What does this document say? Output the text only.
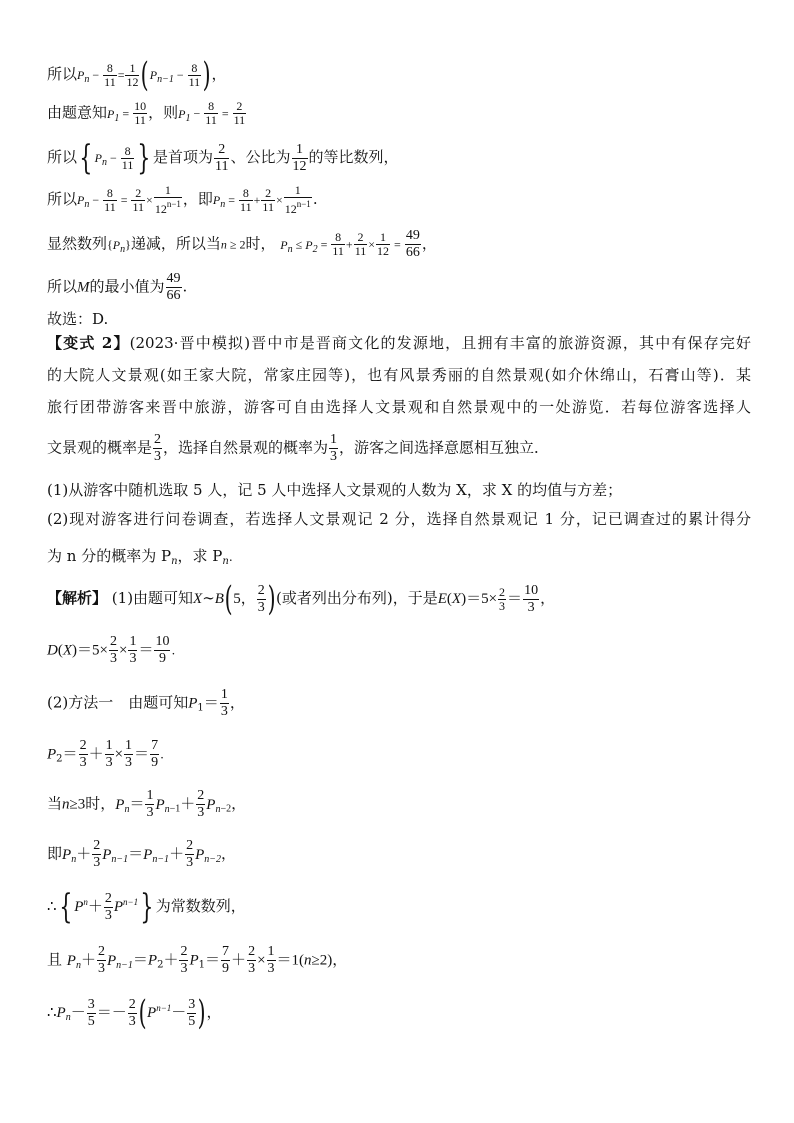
所以$P_n - \frac{8}{11} = \frac{1}{12} (P_{n-1} - \frac{8}{11}$ )，
由题意知$P_1 = \frac{10}{11}$ ，则$P_1 - \frac{8}{11} = \frac{2}{11}$
所以{ $P_n - \frac{8}{11}$ } 是首项为 $\frac{2}{11}$ 、公比为 $\frac{1}{12}$ 的等比数列，
所以$P_n - \frac{8}{11} = \frac{2}{11} \times \frac{1}{12^{n-1}}$ ，即$P_n = \frac{8}{11} + \frac{2}{11} \times \frac{1}{12^{n-1}}$ .
显然数列$\{P_n\}$递减，所以当n ≥ 2时， $P_n \le P_2 = \frac{8}{11} + \frac{2}{11} \times \frac{1}{12} = \frac{49}{66}$ ，
所以M的最小值为 $\frac{49}{66}$ .
故选：D.
【变式 2】(2023·晋中模拟)晋中市是晋商文化的发源地，且拥有丰富的旅游资源，其中有保存完好
的大院人文景观(如王家大院，常家庄园等)，也有风景秀丽的自然景观(如介休绵山，石膏山等)．某
旅行团带游客来晋中旅游，游客可自由选择人文景观和自然景观中的一处游览．若每位游客选择人
文景观的概率是 $\frac{2}{3}$ ，选择自然景观的概率为 $\frac{1}{3}$ ，游客之间选择意愿相互独立．
(1)从游客中随机选取 5 人，记 5 人中选择人文景观的人数为 X，求 X 的均值与方差；
(2)现对游客进行问卷调查，若选择人文景观记 2 分，选择自然景观记 1 分，记已调查过的累计得分
为 n 分的概率为 $P_n$，求 $P_n$.
【解析】 (1)由题可知X∼B(5， $\frac{2}{3}$ )(或者列出分布列)，于是$E(X)=5\times \frac{2}{3} = \frac{10}{3}$ ，
$D(X)=5\times \frac{2}{3} \times \frac{1}{3} = \frac{10}{9}$ .
(2)方法一　由题可知$P_1= \frac{1}{3}$ ，
$P_2= \frac{2}{3} + \frac{1}{3} \times \frac{1}{3} = \frac{7}{9}$ .
当n≥3时，$P_n= \frac{1}{3} P_{n-1}+ \frac{2}{3} P_{n-2}$，
即$P_n+ \frac{2}{3} P_{n-1}=P_{n-1}+ \frac{2}{3} P_{n-2}$，
∴{ $P^n+ \frac{2}{3} P^{n-1}$} 为常数数列，
且 $P_n+ \frac{2}{3} P_{n-1}=P_2+ \frac{2}{3} P_1= \frac{7}{9} + \frac{2}{3} \times \frac{1}{3} =1(n\ge 2)$，
$\therefore P_n- \frac{3}{5} =- \frac{2}{3} (P^{n-1}- \frac{3}{5}$ )，
